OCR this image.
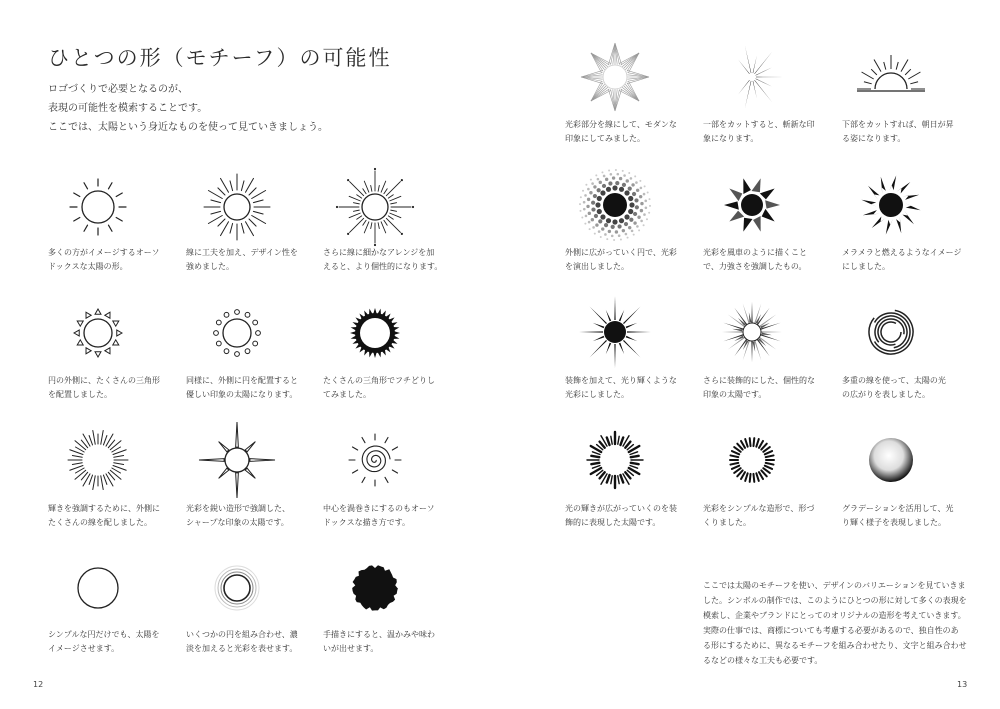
ひとつの形（モチーフ）の可能性
ロゴづくりで必要となるのが、
表現の可能性を模索することです。
ここでは、太陽という身近なものを使って見ていきましょう。
多くの方がイメージするオーソ
ドックスな太陽の形。
線に工夫を加え、デザイン性を
強めました。
さらに線に細かなアレンジを加
えると、より個性的になります。
円の外側に、たくさんの三角形
を配置しました。
同様に、外側に円を配置すると
優しい印象の太陽になります。
たくさんの三角形でフチどりし
てみました。
輝きを強調するために、外側に
たくさんの線を配しました。
光彩を鋭い造形で強調した、
シャープな印象の太陽です。
中心を渦巻きにするのもオーソ
ドックスな描き方です。
シンプルな円だけでも、太陽を
イメージさせます。
いくつかの円を組み合わせ、濃
淡を加えると光彩を表せます。
手描きにすると、温かみや味わ
いが出せます。
光彩部分を線にして、モダンな
印象にしてみました。
一部をカットすると、斬新な印
象になります。
下部をカットすれば、朝日が昇
る姿になります。
外側に広がっていく円で、光彩
を演出しました。
光彩を風車のように描くこと
で、力強さを強調したもの。
メラメラと燃えるようなイメージ
にしました。
装飾を加えて、光り輝くような
光彩にしました。
さらに装飾的にした、個性的な
印象の太陽です。
多重の線を使って、太陽の光
の広がりを表しました。
光の輝きが広がっていくのを装
飾的に表現した太陽です。
光彩をシンプルな造形で、形づ
くりました。
グラデーションを活用して、光
り輝く様子を表現しました。
ここでは太陽のモチーフを使い、デザインのバリエーションを見ていきま
した。シンボルの制作では、このようにひとつの形に対して多くの表現を
模索し、企業やブランドにとってのオリジナルの造形を考えていきます。
実際の仕事では、商標についても考慮する必要があるので、独自性のあ
る形にするために、異なるモチーフを組み合わせたり、文字と組み合わせ
るなどの様々な工夫も必要です。
12	13
